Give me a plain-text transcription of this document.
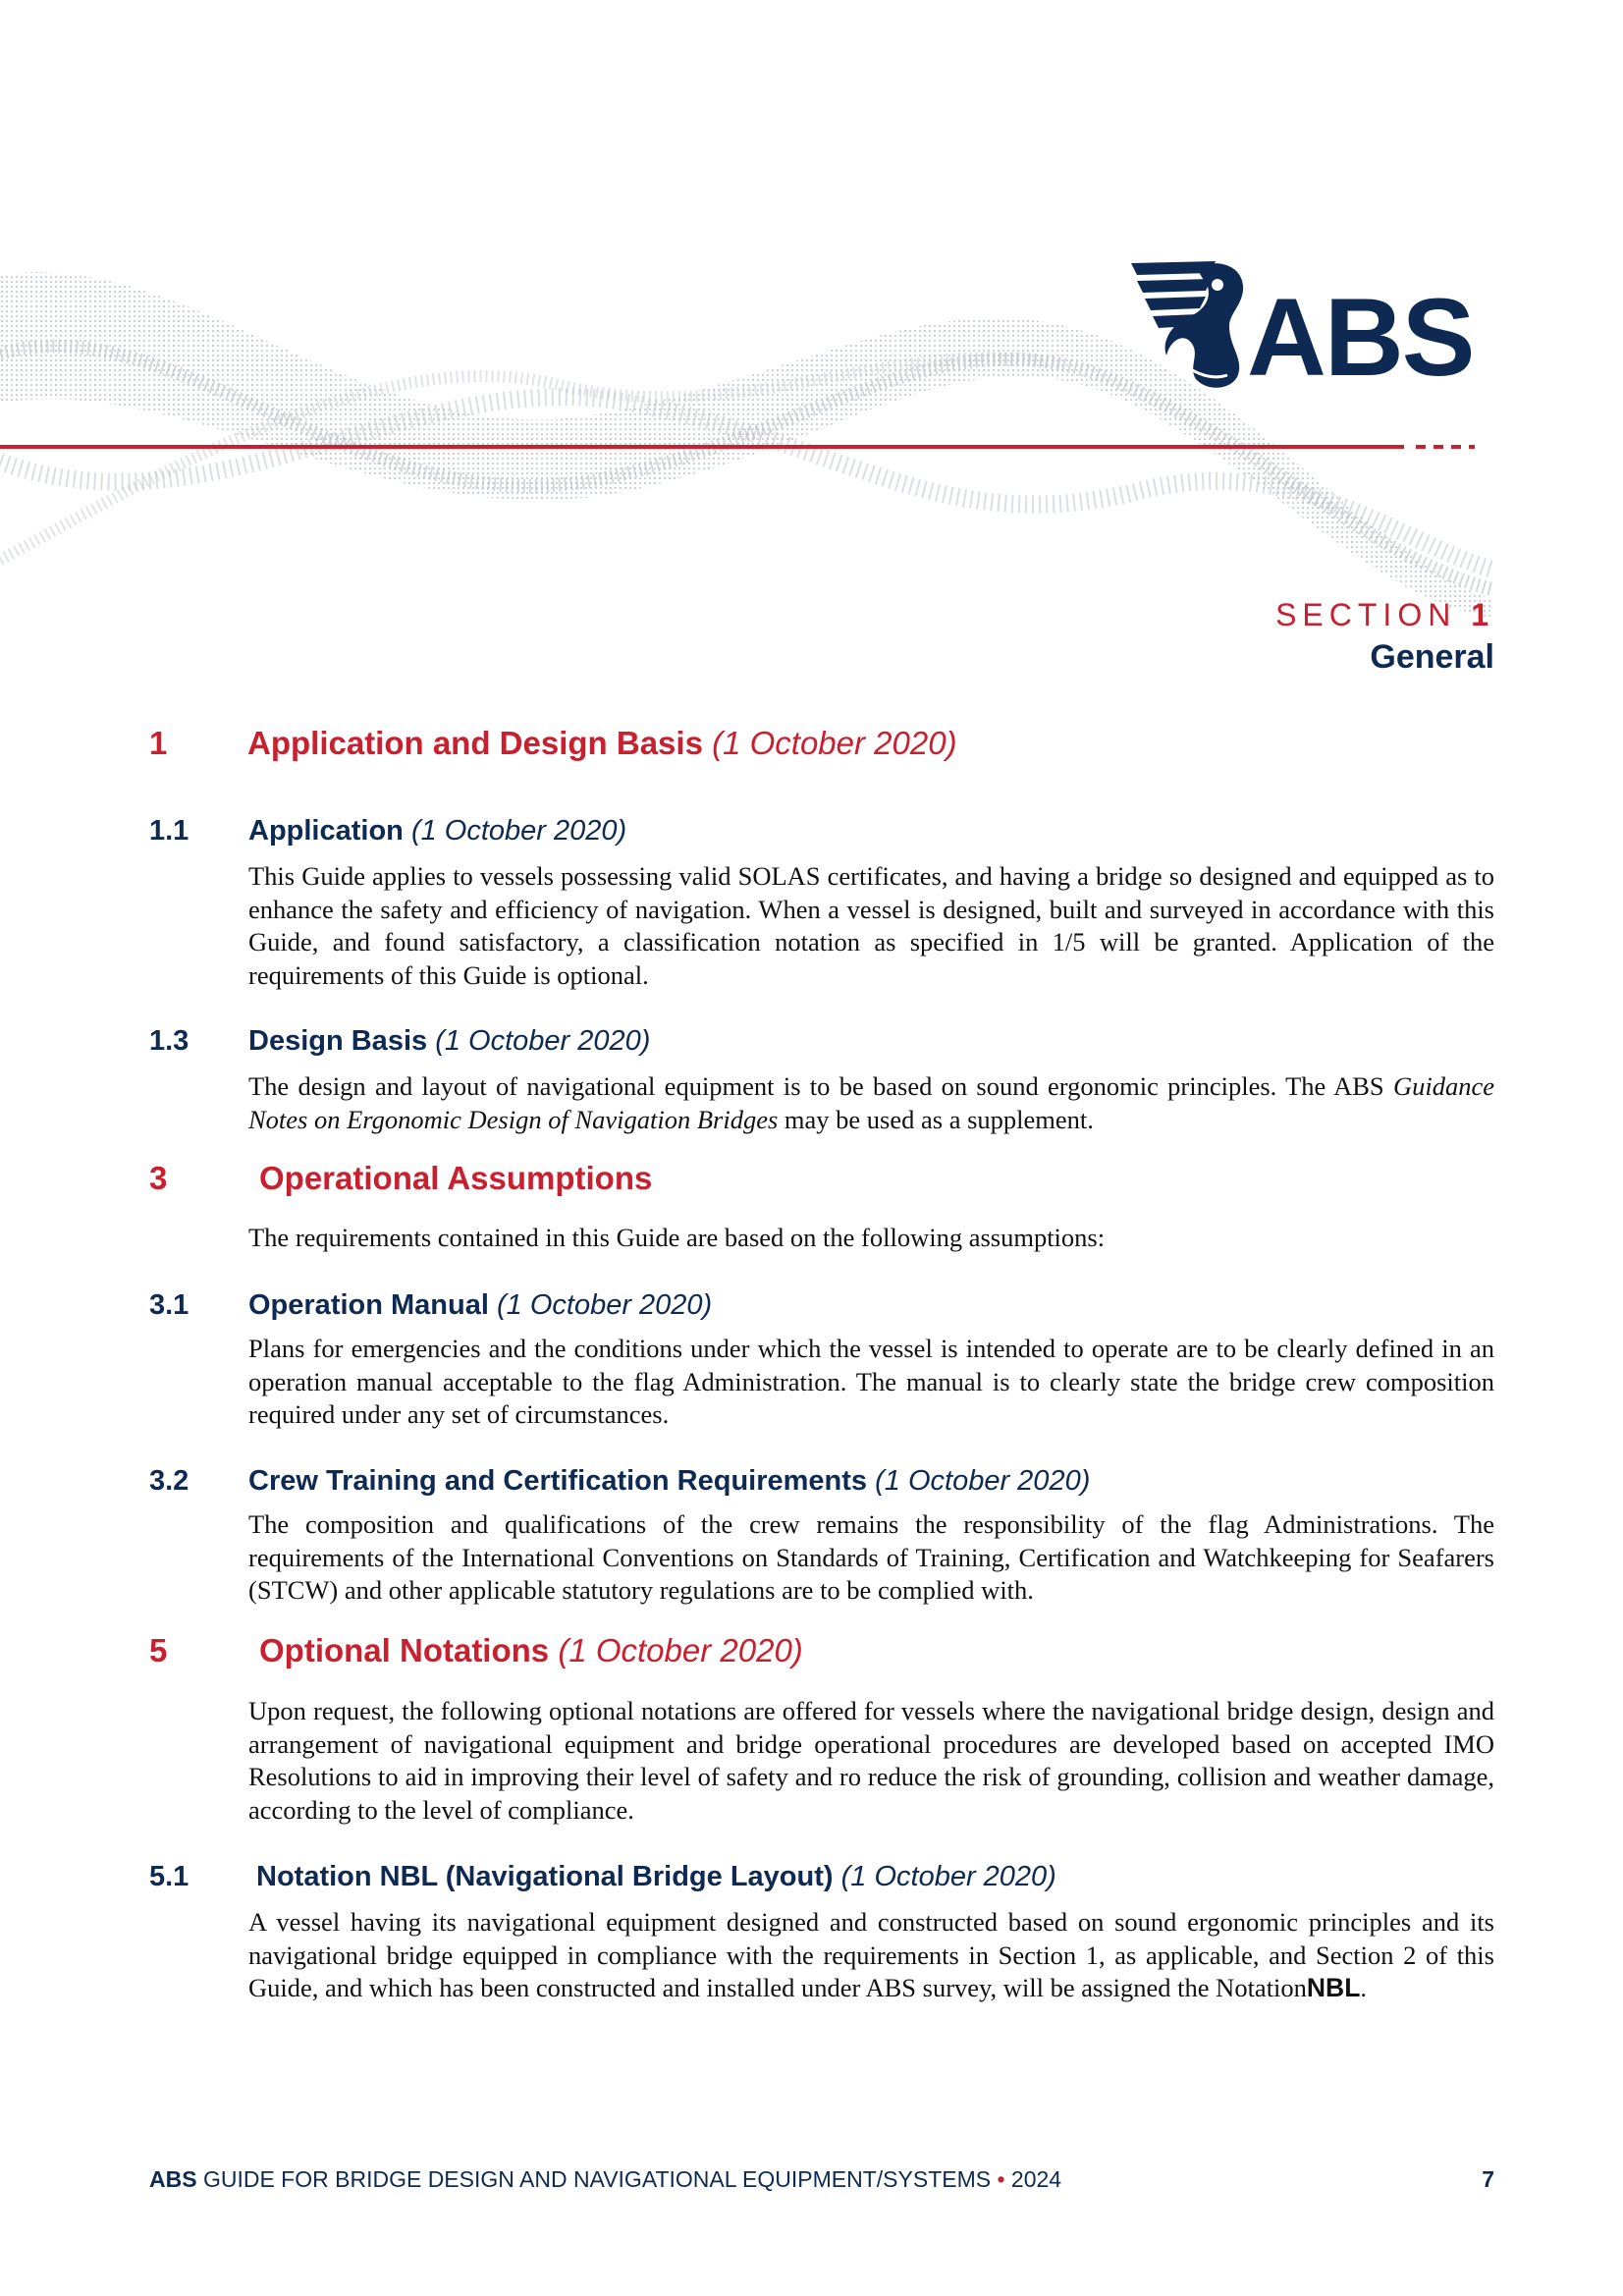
ABS
SECTION 1
General
1 Application and Design Basis (1 October 2020)
1.1 Application (1 October 2020)
This Guide applies to vessels possessing valid SOLAS certificates, and having a bridge so designed and equipped as to enhance the safety and efficiency of navigation. When a vessel is designed, built and surveyed in accordance with this Guide, and found satisfactory, a classification notation as specified in 1/5 will be granted. Application of the requirements of this Guide is optional.
1.3 Design Basis (1 October 2020)
The design and layout of navigational equipment is to be based on sound ergonomic principles. The ABS Guidance Notes on Ergonomic Design of Navigation Bridges may be used as a supplement.
3	Operational Assumptions
The requirements contained in this Guide are based on the following assumptions:
3.1 Operation Manual (1 October 2020)
Plans for emergencies and the conditions under which the vessel is intended to operate are to be clearly defined in an operation manual acceptable to the flag Administration. The manual is to clearly state the bridge crew composition required under any set of circumstances.
3.2 Crew Training and Certification Requirements (1 October 2020)
The composition and qualifications of the crew remains the responsibility of the flag Administrations. The requirements of the International Conventions on Standards of Training, Certification and Watchkeeping for Seafarers (STCW) and other applicable statutory regulations are to be complied with.
5	Optional Notations (1 October 2020)
Upon request, the following optional notations are offered for vessels where the navigational bridge design, design and arrangement of navigational equipment and bridge operational procedures are developed based on accepted IMO Resolutions to aid in improving their level of safety and ro reduce the risk of grounding, collision and weather damage, according to the level of compliance.
5.1 Notation NBL (Navigational Bridge Layout) (1 October 2020)
A vessel having its navigational equipment designed and constructed based on sound ergonomic principles and its navigational bridge equipped in compliance with the requirements in Section 1, as applicable, and Section 2 of this Guide, and which has been constructed and installed under ABS survey, will be assigned the NotationNBL.
ABS GUIDE FOR BRIDGE DESIGN AND NAVIGATIONAL EQUIPMENT/SYSTEMS • 2024	7
